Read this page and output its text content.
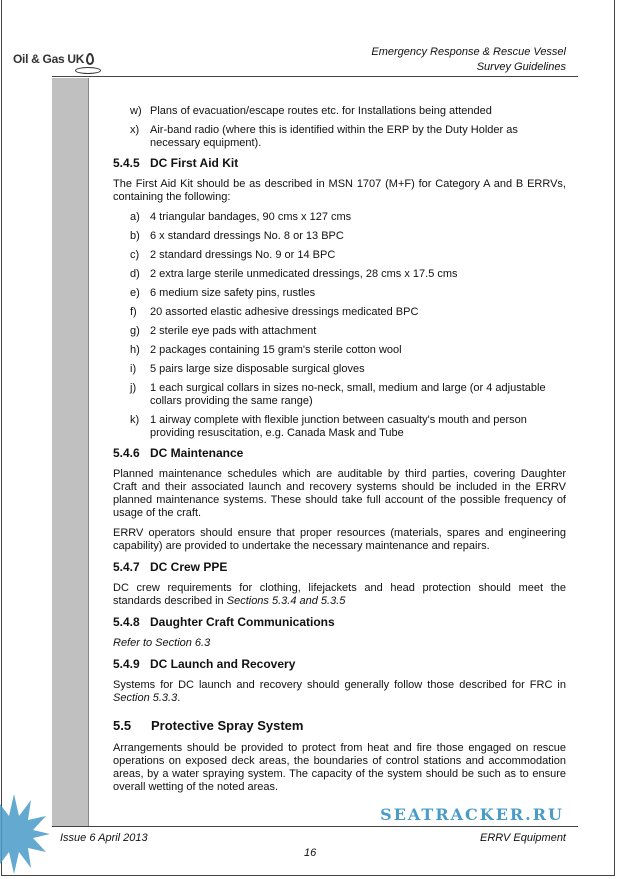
Oil & Gas UK	Emergency Response & Rescue Vessel
Survey Guidelines
w) Plans of evacuation/escape routes etc. for Installations being attended
x) Air-band radio (where this is identified within the ERP by the Duty Holder as necessary equipment).
5.4.5 DC First Aid Kit
The First Aid Kit should be as described in MSN 1707 (M+F) for Category A and B ERRVs, containing the following:
a) 4 triangular bandages, 90 cms x 127 cms
b) 6 x standard dressings No. 8 or 13 BPC
c) 2 standard dressings No. 9 or 14 BPC
d) 2 extra large sterile unmedicated dressings, 28 cms x 17.5 cms
e) 6 medium size safety pins, rustles
f) 20 assorted elastic adhesive dressings medicated BPC
g) 2 sterile eye pads with attachment
h) 2 packages containing 15 gram's sterile cotton wool
i) 5 pairs large size disposable surgical gloves
j) 1 each surgical collars in sizes no-neck, small, medium and large (or 4 adjustable collars providing the same range)
k) 1 airway complete with flexible junction between casualty's mouth and person providing resuscitation, e.g. Canada Mask and Tube
5.4.6 DC Maintenance
Planned maintenance schedules which are auditable by third parties, covering Daughter Craft and their associated launch and recovery systems should be included in the ERRV planned maintenance systems. These should take full account of the possible frequency of usage of the craft.
ERRV operators should ensure that proper resources (materials, spares and engineering capability) are provided to undertake the necessary maintenance and repairs.
5.4.7 DC Crew PPE
DC crew requirements for clothing, lifejackets and head protection should meet the standards described in Sections 5.3.4 and 5.3.5
5.4.8 Daughter Craft Communications
Refer to Section 6.3
5.4.9 DC Launch and Recovery
Systems for DC launch and recovery should generally follow those described for FRC in Section 5.3.3.
5.5 Protective Spray System
Arrangements should be provided to protect from heat and fire those engaged on rescue operations on exposed deck areas, the boundaries of control stations and accommodation areas, by a water spraying system. The capacity of the system should be such as to ensure overall wetting of the noted areas.
SEATRACKER.RU
Issue 6 April 2013	ERRV Equipment
16
